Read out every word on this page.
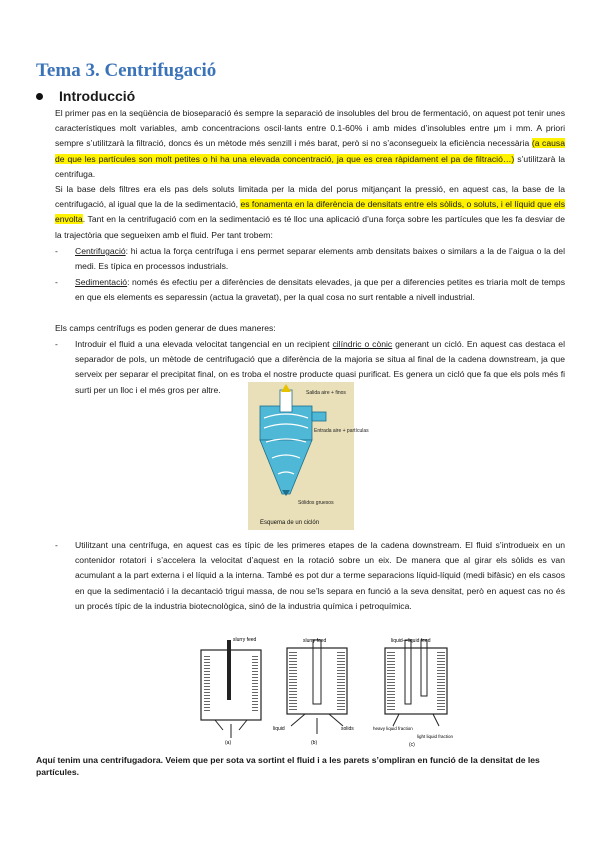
Tema 3. Centrifugació
Introducció

El primer pas en la seqüència de bioseparació és sempre la separació de insolubles del brou de fermentació, on aquest pot tenir unes característiques molt variables, amb concentracions oscil·lants entre 0.1-60% i amb mides d’insolubles entre μm i mm. A priori sempre s’utilitzarà la filtració, doncs és un mètode més senzill i més barat, però si no s’aconsegueix la eficiència necessària (a causa de que les partícules son molt petites o hi ha una elevada concentració, ja que es crea ràpidament el pa de filtració…) s’utilitzarà la centrifuga.

Si la base dels filtres era els pas dels soluts limitada per la mida del porus mitjançant la pressió, en aquest cas, la base de la centrifugació, al igual que la de la sedimentació, es fonamenta en la diferència de densitats entre els sòlids, o soluts, i el líquid que els envolta. Tant en la centrifugació com en la sedimentació es té lloc una aplicació d’una força sobre les partícules que les fa desviar de la trajectòria que segueixen amb el fluid. Per tant trobem:

- Centrifugació: hi actua la força centrífuga i ens permet separar elements amb densitats baixes o similars a la de l’aigua o la del medi. Es típica en processos industrials.
- Sedimentació: només és efectiu per a diferències de densitats elevades, ja que per a diferencies petites es triaria molt de temps en que els elements es separessin (actua la gravetat), per la qual cosa no surt rentable a nivell industrial.

Els camps centrífugs es poden generar de dues maneres:

- Introduir el fluid a una elevada velocitat tangencial en un recipient cilíndric o cònic generant un cicló. En aquest cas destaca el separador de pols, un mètode de centrifugació que a diferència de la majoria se situa al final de la cadena downstream, ja que serveix per separar el precipitat final, on es troba el nostre producte quasi purificat. Es genera un cicló que fa que els pols més fi surti per un lloc i el més gros per altre.	Salida aire + finos
Entrada aire + partículas
Sólidos gruesos
Esquema de un ciclón
- Utilitzant una centrífuga, en aquest cas es típic de les primeres etapes de la cadena downstream. El fluid s’introdueix en un contenidor rotatori i s’accelera la velocitat d’aquest en la rotació sobre un eix. De manera que al girar els sòlids es van acumulant a la part externa i el líquid a la interna. També es pot dur a terme separacions líquid-líquid (medi bifàsic) en els casos en que la sedimentació i la decantació trigui massa, de nou se’ls separa en funció a la seva densitat, però en aquest cas no és un procés típic de la industria biotecnològica, sinó de la industria química i petroquímica.
slurry feed
(a)
slurry feed
liquid	solids
(b)
liquid—liquid feed
heavy liquid fraction
light liquid fraction
(c)
Aquí tenim una centrifugadora. Veiem que per sota va sortint el fluid i a les parets s’ompliran en funció de la densitat de les partícules.
